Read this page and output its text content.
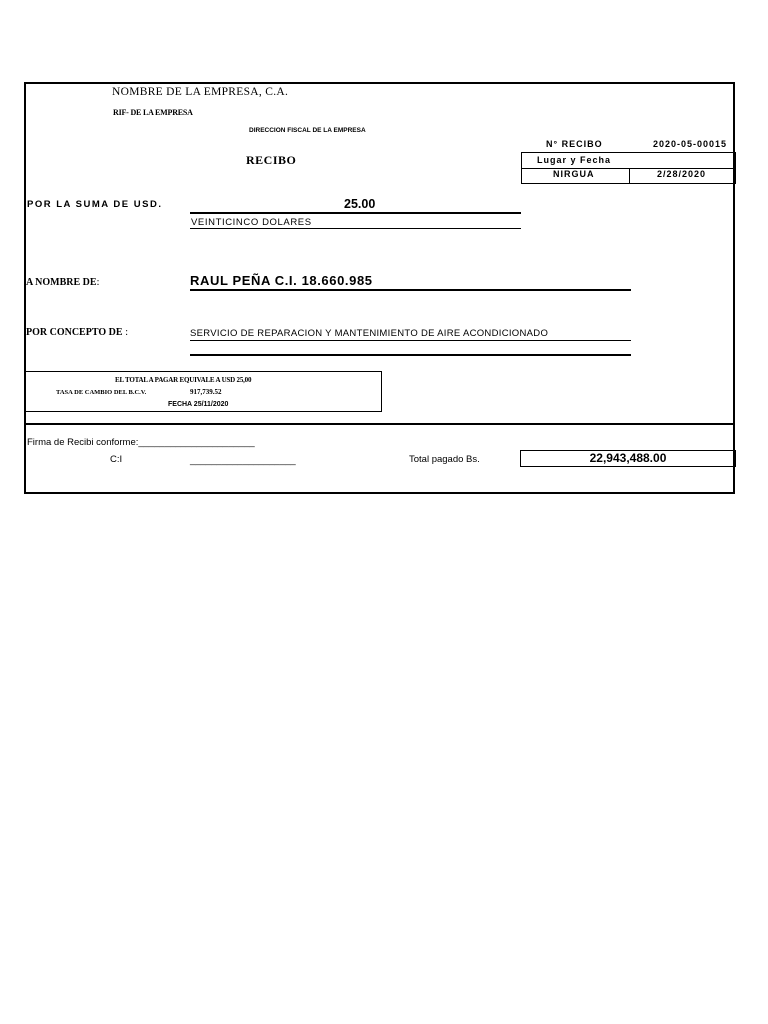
NOMBRE DE LA EMPRESA, C.A.
RIF- DE LA EMPRESA
DIRECCION FISCAL DE LA EMPRESA
N° RECIBO	2020-05-00015
RECIBO	Lugar y Fecha
NIRGUA	2/28/2020
POR LA SUMA DE USD.	25.00
VEINTICINCO DOLARES
A NOMBRE DE:	RAUL PEÑA C.I. 18.660.985
POR CONCEPTO DE :	SERVICIO DE REPARACION Y MANTENIMIENTO DE AIRE ACONDICIONADO
EL TOTAL A PAGAR EQUIVALE A USD 25,00
TASA DE CAMBIO DEL B.C.V.	917,739.52
FECHA 25/11/2020
Firma de Recibi conforme:______________________
C:I	____________________	Total pagado Bs.	22,943,488.00
